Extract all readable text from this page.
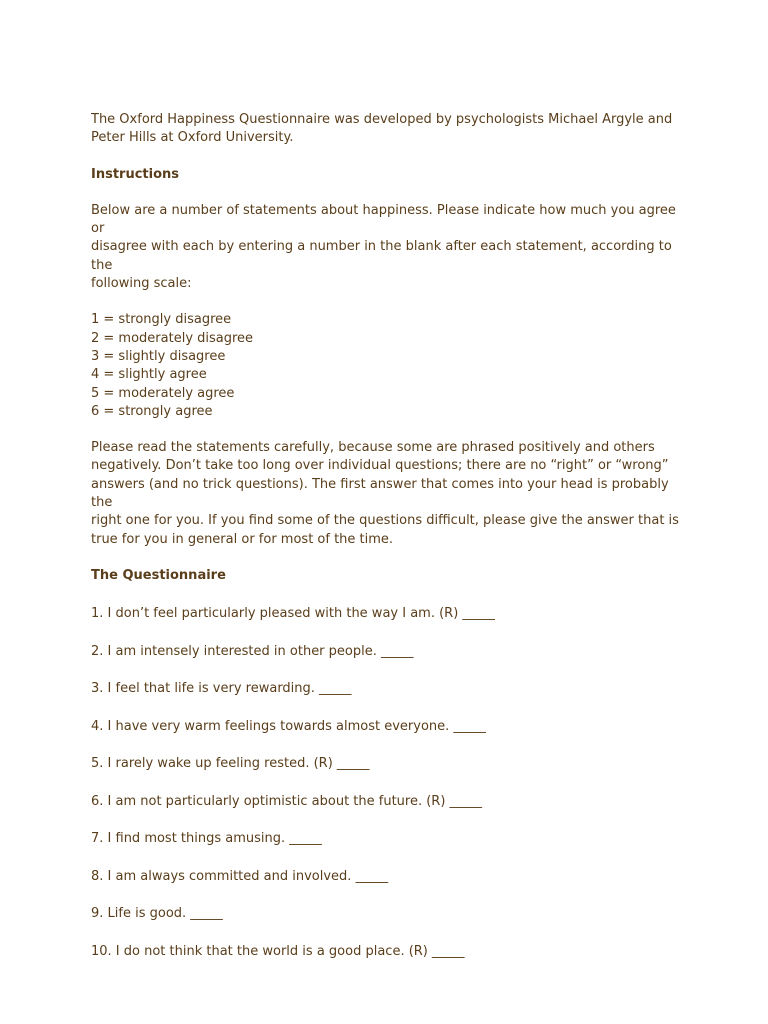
The Oxford Happiness Questionnaire was developed by psychologists Michael Argyle and
Peter Hills at Oxford University.

Instructions

Below are a number of statements about happiness. Please indicate how much you agree or
disagree with each by entering a number in the blank after each statement, according to the
following scale:

1 = strongly disagree
2 = moderately disagree
3 = slightly disagree
4 = slightly agree
5 = moderately agree
6 = strongly agree

Please read the statements carefully, because some are phrased positively and others
negatively. Don’t take too long over individual questions; there are no “right” or “wrong”
answers (and no trick questions). The first answer that comes into your head is probably the
right one for you. If you find some of the questions difficult, please give the answer that is
true for you in general or for most of the time.

The Questionnaire

1. I don’t feel particularly pleased with the way I am. (R) _____

2. I am intensely interested in other people. _____

3. I feel that life is very rewarding. _____

4. I have very warm feelings towards almost everyone. _____

5. I rarely wake up feeling rested. (R) _____

6. I am not particularly optimistic about the future. (R) _____

7. I find most things amusing. _____

8. I am always committed and involved. _____

9. Life is good. _____

10. I do not think that the world is a good place. (R) _____
